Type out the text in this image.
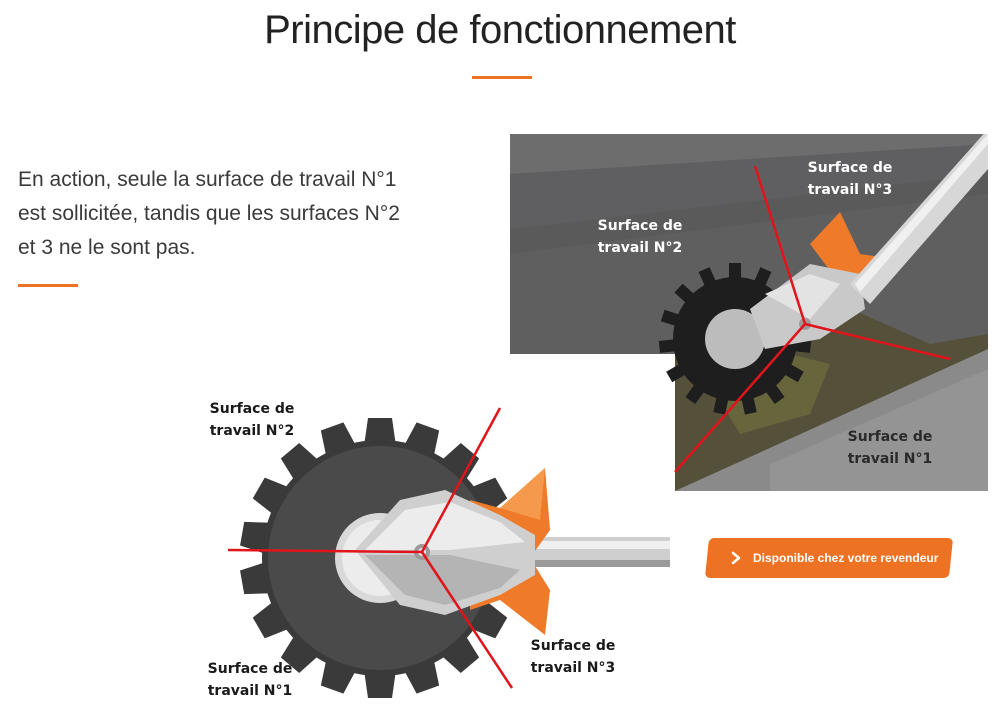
Principe de fonctionnement

En action, seule la surface de travail N°1 est sollicitée, tandis que les surfaces N°2 et 3 ne le sont pas.

Surface de
travail N°2
Surface de
travail N°3
Surface de
travail N°1
Surface de
travail N°2
Surface de
travail N°1
Surface de
travail N°3
Disponible chez votre revendeur
